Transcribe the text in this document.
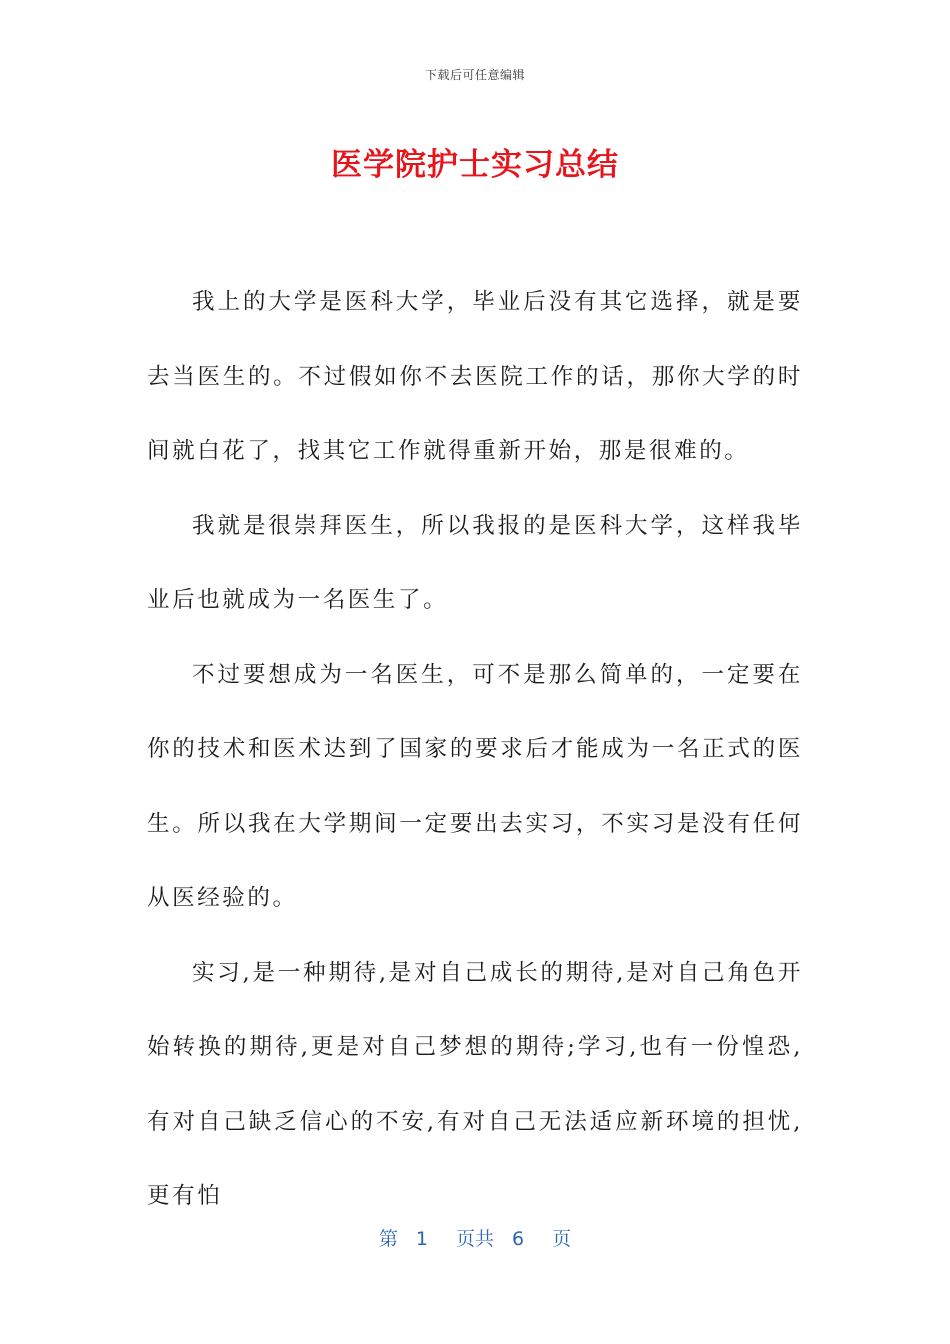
下载后可任意编辑
医学院护士实习总结

我上的大学是医科大学，毕业后没有其它选择，就是要去当医生的。不过假如你不去医院工作的话，那你大学的时间就白花了，找其它工作就得重新开始，那是很难的。

我就是很崇拜医生，所以我报的是医科大学，这样我毕业后也就成为一名医生了。

不过要想成为一名医生，可不是那么简单的，一定要在你的技术和医术达到了国家的要求后才能成为一名正式的医生。所以我在大学期间一定要出去实习，不实习是没有任何从医经验的。

实习,是一种期待,是对自己成长的期待,是对自己角色开始转换的期待,更是对自己梦想的期待;学习,也有一份惶恐,有对自己缺乏信心的不安,有对自己无法适应新环境的担忧,更有怕

第 1 页共 6 页
